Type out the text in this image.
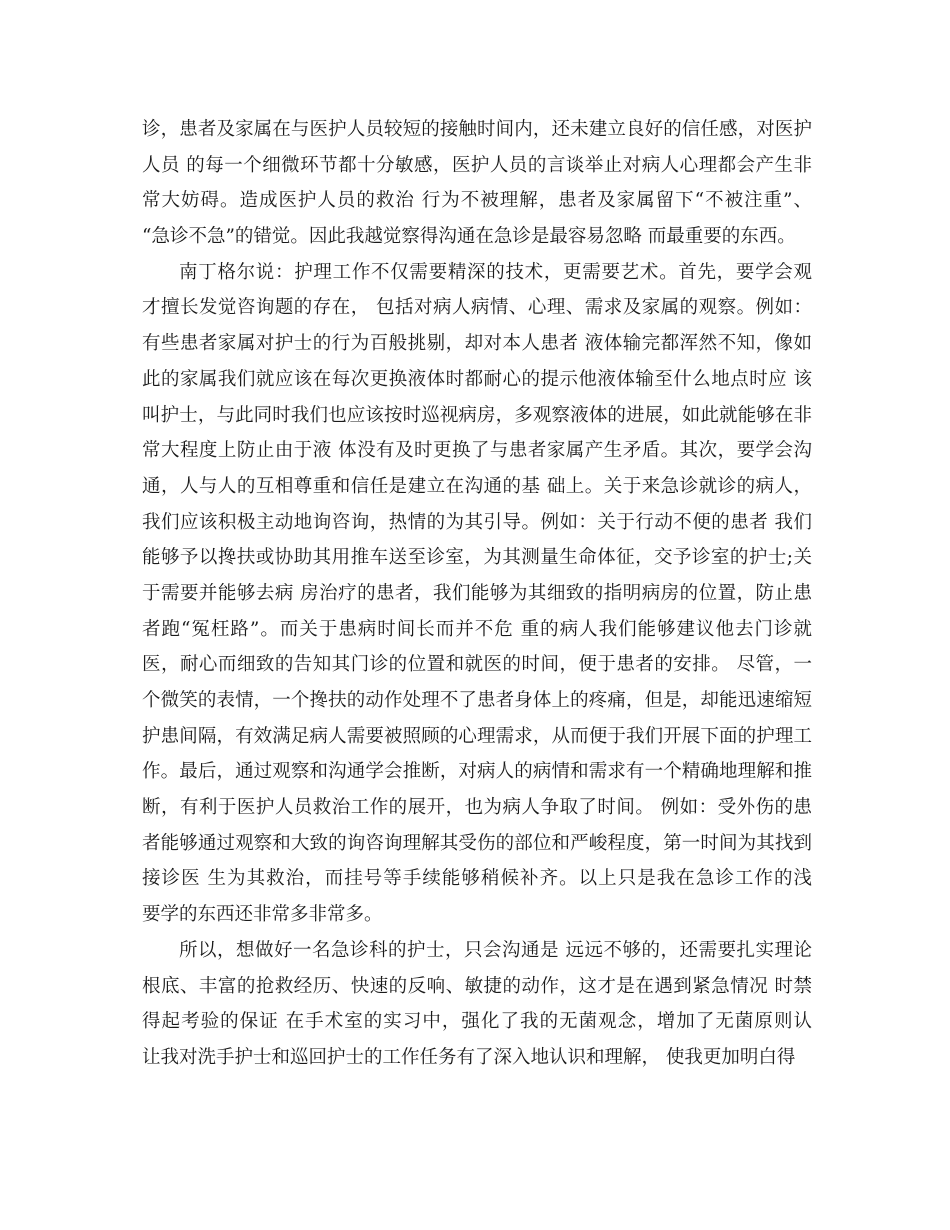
诊，患者及家属在与医护人员较短的接触时间内，还未建立良好的信任感，对医护
人员 的每一个细微环节都十分敏感，医护人员的言谈举止对病人心理都会产生非
常大妨碍。造成医护人员的救治 行为不被理解，患者及家属留下“不被注重”、
“急诊不急”的错觉。因此我越觉察得沟通在急诊是最容易忽略 而最重要的东西。
南丁格尔说：护理工作不仅需要精深的技术，更需要艺术。首先，要学会观
才擅长发觉咨询题的存在， 包括对病人病情、心理、需求及家属的观察。例如：
有些患者家属对护士的行为百般挑剔，却对本人患者 液体输完都浑然不知，像如
此的家属我们就应该在每次更换液体时都耐心的提示他液体输至什么地点时应 该
叫护士，与此同时我们也应该按时巡视病房，多观察液体的进展，如此就能够在非
常大程度上防止由于液 体没有及时更换了与患者家属产生矛盾。其次，要学会沟
通，人与人的互相尊重和信任是建立在沟通的基 础上。关于来急诊就诊的病人，
我们应该积极主动地询咨询，热情的为其引导。例如：关于行动不便的患者 我们
能够予以搀扶或协助其用推车送至诊室，为其测量生命体征，交予诊室的护士;关
于需要并能够去病 房治疗的患者，我们能够为其细致的指明病房的位置，防止患
者跑“冤枉路”。而关于患病时间长而并不危 重的病人我们能够建议他去门诊就
医，耐心而细致的告知其门诊的位置和就医的时间，便于患者的安排。 尽管，一
个微笑的表情，一个搀扶的动作处理不了患者身体上的疼痛，但是，却能迅速缩短
护患间隔，有效满足病人需要被照顾的心理需求，从而便于我们开展下面的护理工
作。最后，通过观察和沟通学会推断，对病人的病情和需求有一个精确地理解和推
断，有利于医护人员救治工作的展开，也为病人争取了时间。 例如：受外伤的患
者能够通过观察和大致的询咨询理解其受伤的部位和严峻程度，第一时间为其找到
接诊医 生为其救治，而挂号等手续能够稍候补齐。以上只是我在急诊工作的浅
要学的东西还非常多非常多。
所以，想做好一名急诊科的护士，只会沟通是 远远不够的，还需要扎实理论
根底、丰富的抢救经历、快速的反响、敏捷的动作，这才是在遇到紧急情况 时禁
得起考验的保证 在手术室的实习中，强化了我的无菌观念，增加了无菌原则认
让我对洗手护士和巡回护士的工作任务有了深入地认识和理解， 使我更加明白得
